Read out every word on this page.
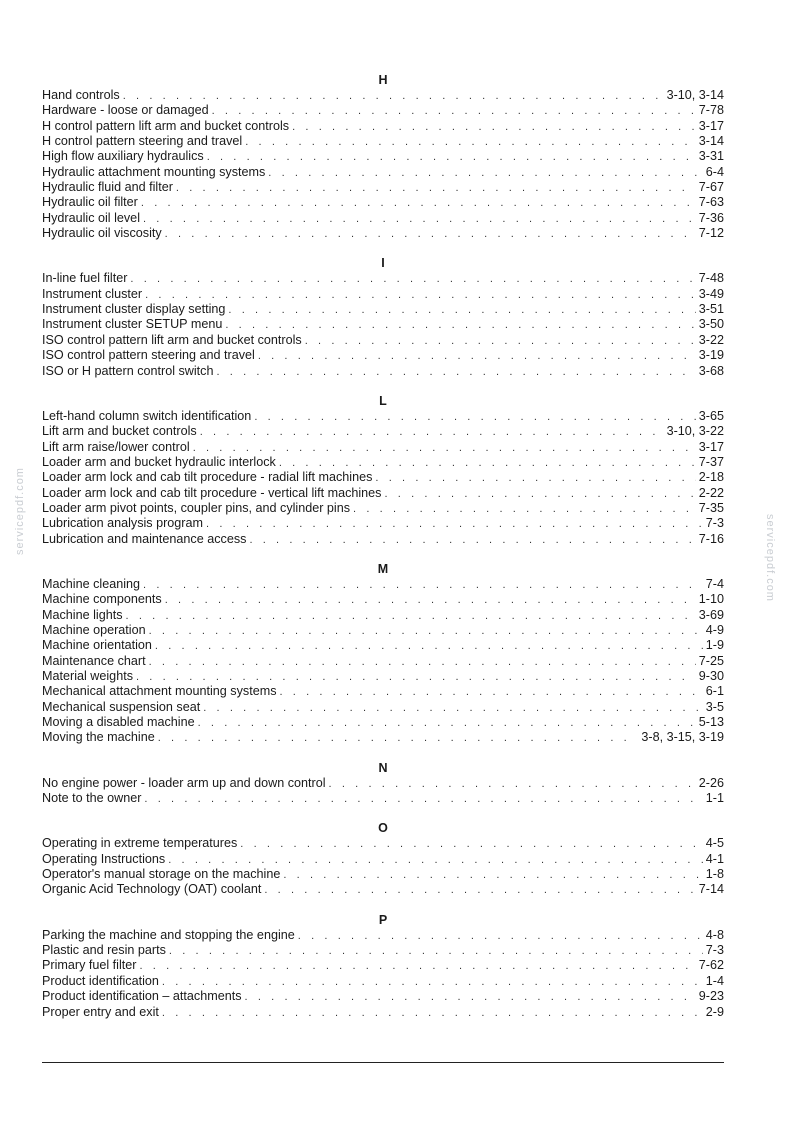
servicepdf.com
servicepdf.com
H
Hand controls . . .	3-10, 3-14
Hardware - loose or damaged . . .	7-78
H control pattern lift arm and bucket controls . . .	3-17
H control pattern steering and travel . . .	3-14
High flow auxiliary hydraulics . . .	3-31
Hydraulic attachment mounting systems . . .	6-4
Hydraulic fluid and filter . . .	7-67
Hydraulic oil filter . . .	7-63
Hydraulic oil level . . .	7-36
Hydraulic oil viscosity . . .	7-12
I
In-line fuel filter . . .	7-48
Instrument cluster . . .	3-49
Instrument cluster display setting . . .	3-51
Instrument cluster SETUP menu . . .	3-50
ISO control pattern lift arm and bucket controls . . .	3-22
ISO control pattern steering and travel . . .	3-19
ISO or H pattern control switch . . .	3-68
L
Left-hand column switch identification . . .	3-65
Lift arm and bucket controls . . .	3-10, 3-22
Lift arm raise/lower control . . .	3-17
Loader arm and bucket hydraulic interlock . . .	7-37
Loader arm lock and cab tilt procedure - radial lift machines . . .	2-18
Loader arm lock and cab tilt procedure - vertical lift machines . . .	2-22
Loader arm pivot points, coupler pins, and cylinder pins . . .	7-35
Lubrication analysis program . . .	7-3
Lubrication and maintenance access . . .	7-16
M
Machine cleaning . . .	7-4
Machine components . . .	1-10
Machine lights . . .	3-69
Machine operation . . .	4-9
Machine orientation . . .	1-9
Maintenance chart . . .	7-25
Material weights . . .	9-30
Mechanical attachment mounting systems . . .	6-1
Mechanical suspension seat . . .	3-5
Moving a disabled machine . . .	5-13
Moving the machine . . .	3-8, 3-15, 3-19
N
No engine power - loader arm up and down control . . .	2-26
Note to the owner . . .	1-1
O
Operating in extreme temperatures . . .	4-5
Operating Instructions . . .	4-1
Operator's manual storage on the machine . . .	1-8
Organic Acid Technology (OAT) coolant . . .	7-14
P
Parking the machine and stopping the engine . . .	4-8
Plastic and resin parts . . .	7-3
Primary fuel filter . . .	7-62
Product identification . . .	1-4
Product identification – attachments . . .	9-23
Proper entry and exit . . .	2-9
